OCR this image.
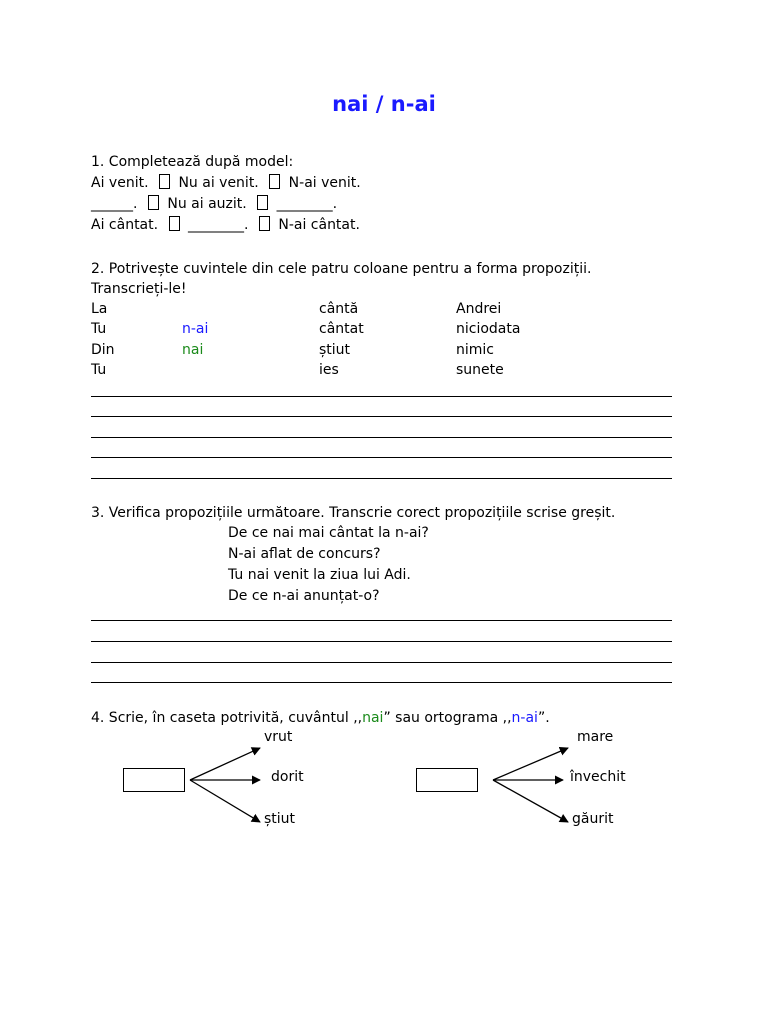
nai / n-ai
1. Completează după model:
Ai venit. Nu ai venit. N-ai venit.
______. Nu ai auzit. ________.
Ai cântat. ________. N-ai cântat.
2. Potrivește cuvintele din cele patru coloane pentru a forma propoziții.
Transcrieți-le!
La
Tu
Din
Tu
n-ai
nai
cântă
cântat
știut
ies
Andrei
niciodata
nimic
sunete
3. Verifica propozițiile următoare. Transcrie corect propozițiile scrise greșit.
De ce nai mai cântat la n-ai?
N-ai aflat de concurs?
Tu nai venit la ziua lui Adi.
De ce n-ai anunțat-o?
4. Scrie, în caseta potrivită, cuvântul ,,nai” sau ortograma ,,n-ai”.
vrut
dorit
știut
mare
învechit
găurit
